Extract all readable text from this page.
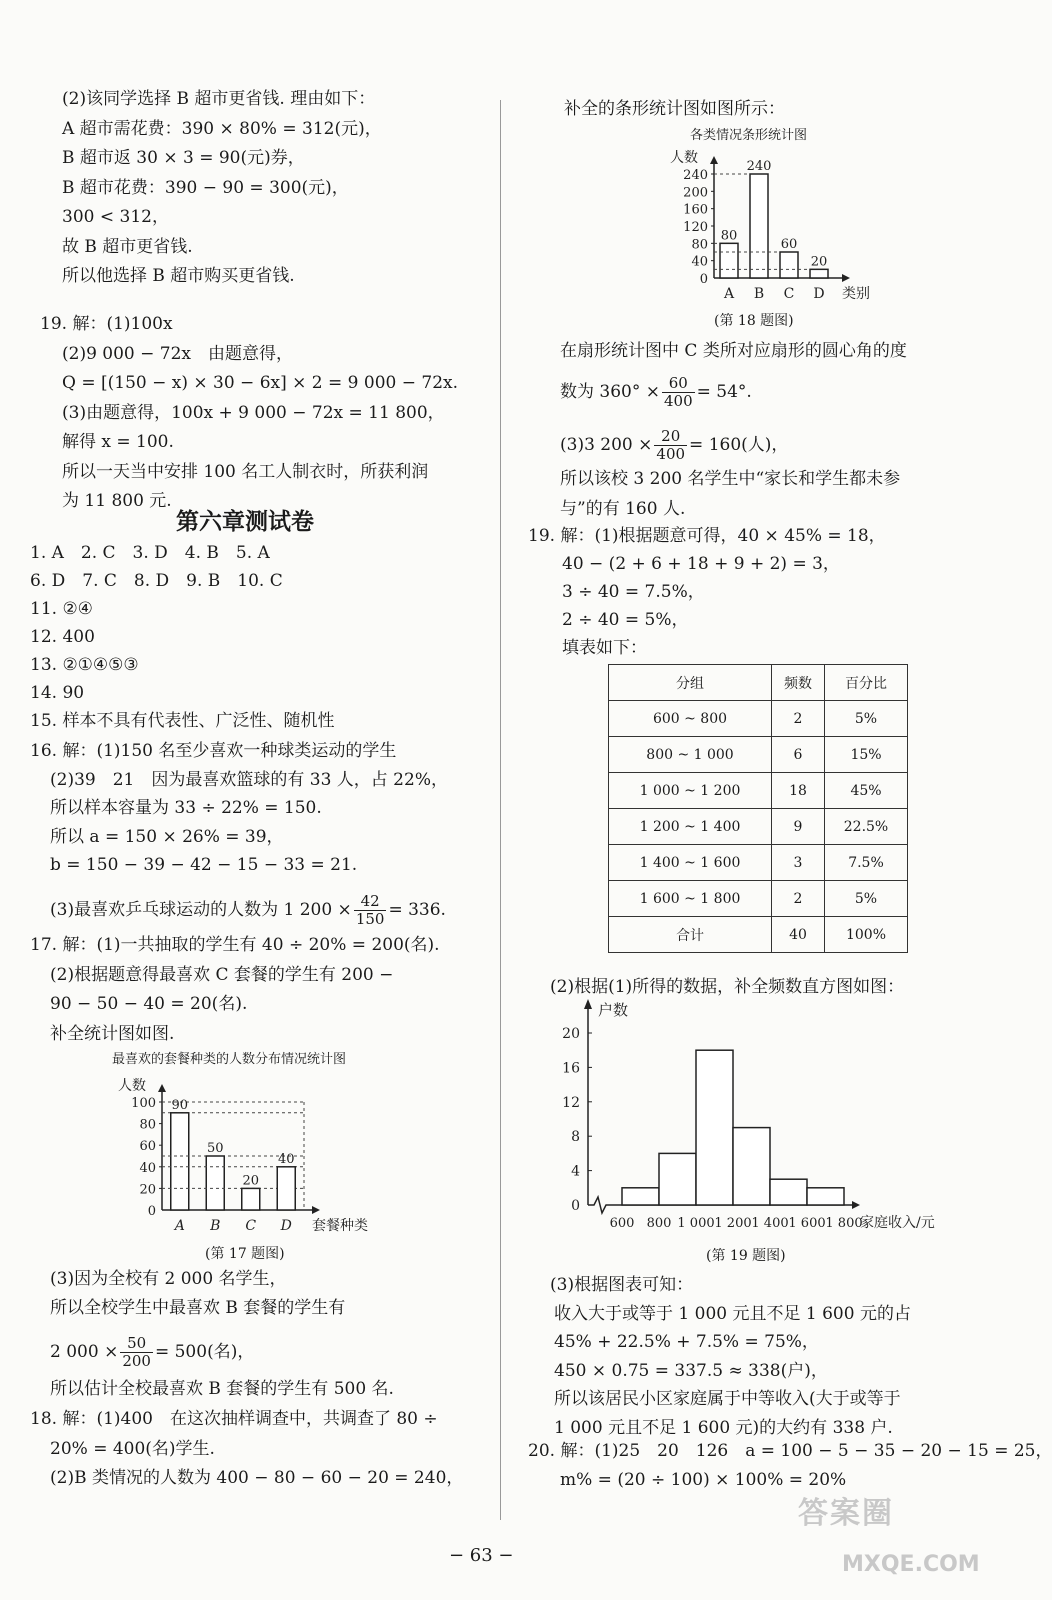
(2)该同学选择 B 超市更省钱. 理由如下：
A 超市需花费：390 × 80% = 312(元)，
B 超市返 30 × 3 = 90(元)券，
B 超市花费：390 − 90 = 300(元)，
300 < 312，
故 B 超市更省钱.
所以他选择 B 超市购买更省钱.
19. 解：(1)100x
(2)9 000 − 72x　由题意得，
Q = [(150 − x) × 30 − 6x] × 2 = 9 000 − 72x.
(3)由题意得，100x + 9 000 − 72x = 11 800，
解得 x = 100.
所以一天当中安排 100 名工人制衣时，所获利润
为 11 800 元.
第六章测试卷
1. A　2. C　3. D　4. B　5. A
6. D　7. C　8. D　9. B　10. C
11. ②④
12. 400
13. ②①④⑤③
14. 90
15. 样本不具有代表性、广泛性、随机性
16. 解：(1)150 名至少喜欢一种球类运动的学生
(2)39　21　因为最喜欢篮球的有 33 人，占 22%，
所以样本容量为 33 ÷ 22% = 150.
所以 a = 150 × 26% = 39，
b = 150 − 39 − 42 − 15 − 33 = 21.
(3)最喜欢乒乓球运动的人数为 1 $200 \times \frac{42}{150} = 336$.
17. 解：(1)一共抽取的学生有 40 ÷ 20% = 200(名).
(2)根据题意得最喜欢 C 套餐的学生有 200 −
90 − 50 − 40 = 20(名).
补全统计图如图.
最喜欢的套餐种类的人数分布情况统计图
人数
套餐种类
0
20
40
60
80
100 90
A
50
B
20
C
40
D
(第 17 题图)
(3)因为全校有 2 000 名学生，
所以全校学生中最喜欢 B 套餐的学生有
2 $000 \times \frac{50}{200} = 500$(名)，
所以估计全校最喜欢 B 套餐的学生有 500 名.
18. 解：(1)400　在这次抽样调查中，共调查了 80 ÷
20% = 400(名)学生.
(2)B 类情况的人数为 400 − 80 − 60 − 20 = 240，
补全的条形统计图如图所示：
各类情况条形统计图
人数
类别
0
40
80
120
160
200
240
80
A
240
B
60
C
20
D
(第 18 题图)
在扇形统计图中 C 类所对应扇形的圆心角的度
数为 $360^\circ \times \frac{60}{400} = 54^\circ$.
(3)3 $200 \times \frac{20}{400} = 160$(人)，
所以该校 3 200 名学生中“家长和学生都未参
与”的有 160 人.
19. 解：(1)根据题意可得，40 × 45% = 18，
40 − (2 + 6 + 18 + 9 + 2) = 3，
3 ÷ 40 = 7.5%，
2 ÷ 40 = 5%，
填表如下：
(2)根据(1)所得的数据，补全频数直方图如图：
户数
家庭收入/元
0
4
8
12
16
20
600 800 1 000 1 200 1 400 1 600 1 800
(第 19 题图)
(3)根据图表可知：
收入大于或等于 1 000 元且不足 1 600 元的占
45% + 22.5% + 7.5% = 75%，
450 × 0.75 = 337.5 ≈ 338(户)，
所以该居民小区家庭属于中等收入(大于或等于
1 000 元且不足 1 600 元)的大约有 338 户.
20. 解：(1)25　20　126　a = 100 − 5 − 35 − 20 − 15 = 25，
m% = (20 ÷ 100) × 100% = 20%
分组	频数	百分比
600 ~ 800	2	5%
800 ~ 1 000	6	15%
1 000 ~ 1 200	18	45%
1 200 ~ 1 400	9	22.5%
1 400 ~ 1 600	3	7.5%
1 600 ~ 1 800	2	5%
合计	40	100%
− 63 −
答案圈
MXQE.COM
